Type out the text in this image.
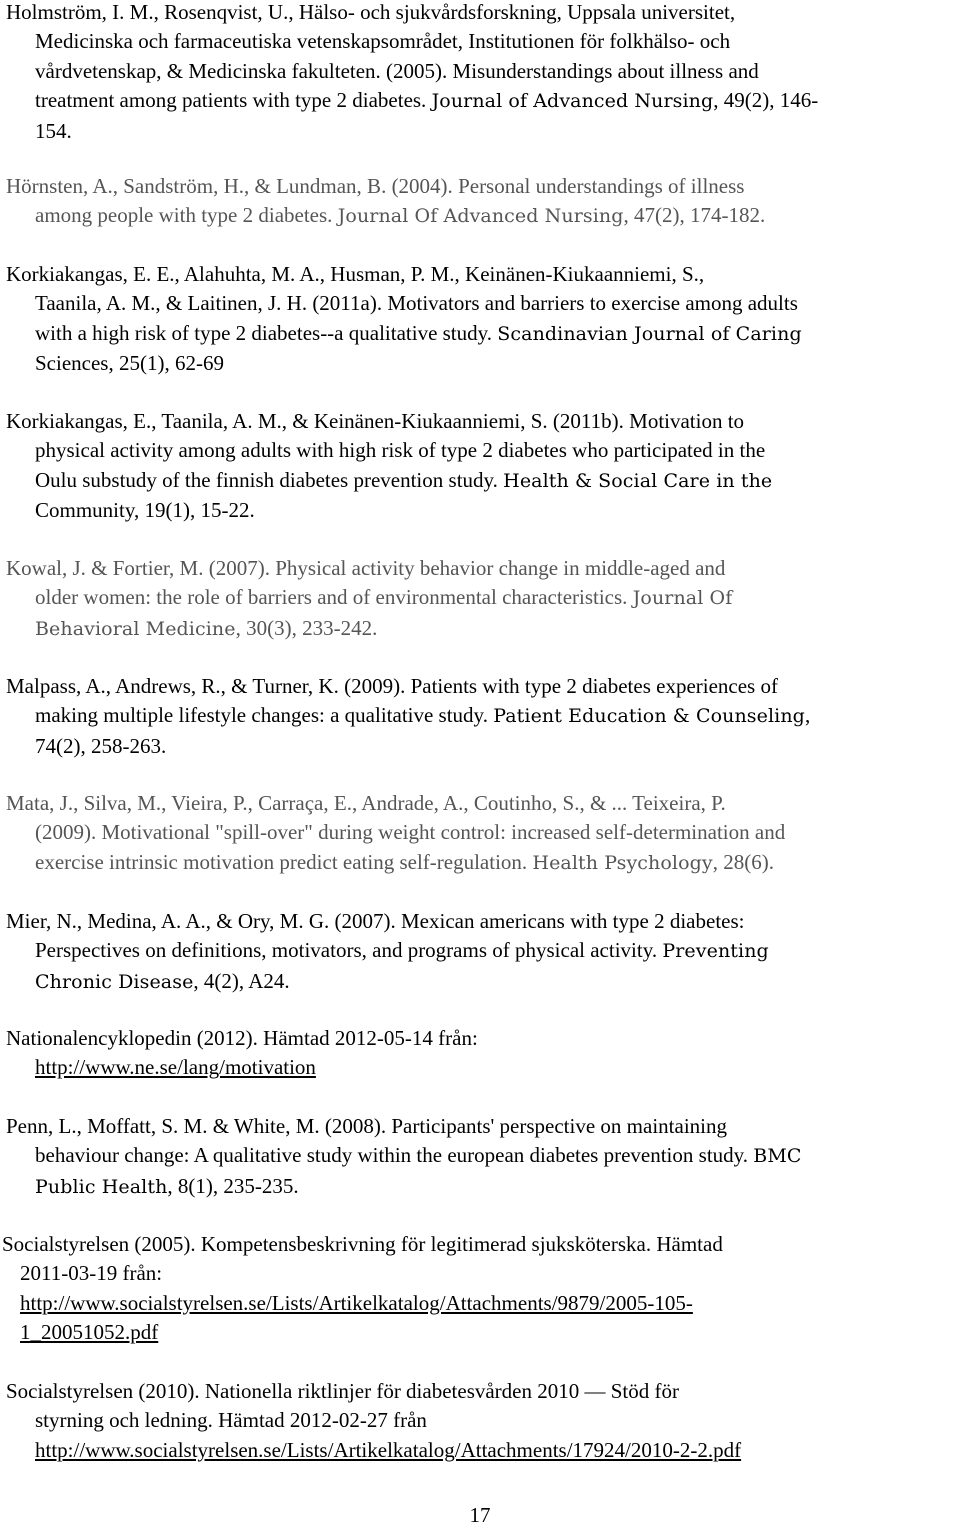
Holmström, I. M., Rosenqvist, U., Hälso- och sjukvårdsforskning, Uppsala universitet,
Medicinska och farmaceutiska vetenskapsområdet, Institutionen för folkhälso- och
vårdvetenskap, & Medicinska fakulteten. (2005). Misunderstandings about illness and
treatment among patients with type 2 diabetes. Journal of Advanced Nursing, 49(2), 146-
154.
Hörnsten, A., Sandström, H., & Lundman, B. (2004). Personal understandings of illness
among people with type 2 diabetes. Journal Of Advanced Nursing, 47(2), 174-182.
Korkiakangas, E. E., Alahuhta, M. A., Husman, P. M., Keinänen-Kiukaanniemi, S.,
Taanila, A. M., & Laitinen, J. H. (2011a). Motivators and barriers to exercise among adults
with a high risk of type 2 diabetes--a qualitative study. Scandinavian Journal of Caring
Sciences, 25(1), 62-69
Korkiakangas, E., Taanila, A. M., & Keinänen-Kiukaanniemi, S. (2011b). Motivation to
physical activity among adults with high risk of type 2 diabetes who participated in the
Oulu substudy of the finnish diabetes prevention study. Health & Social Care in the
Community, 19(1), 15-22.
Kowal, J. & Fortier, M. (2007). Physical activity behavior change in middle-aged and
older women: the role of barriers and of environmental characteristics. Journal Of
Behavioral Medicine, 30(3), 233-242.
Malpass, A., Andrews, R., & Turner, K. (2009). Patients with type 2 diabetes experiences of
making multiple lifestyle changes: a qualitative study. Patient Education & Counseling,
74(2), 258-263.
Mata, J., Silva, M., Vieira, P., Carraça, E., Andrade, A., Coutinho, S., & ... Teixeira, P.
(2009). Motivational "spill-over" during weight control: increased self-determination and
exercise intrinsic motivation predict eating self-regulation. Health Psychology, 28(6).
Mier, N., Medina, A. A., & Ory, M. G. (2007). Mexican americans with type 2 diabetes:
Perspectives on definitions, motivators, and programs of physical activity. Preventing
Chronic Disease, 4(2), A24.
Nationalencyklopedin (2012). Hämtad 2012-05-14 från:
http://www.ne.se/lang/motivation
Penn, L., Moffatt, S. M. & White, M. (2008). Participants' perspective on maintaining
behaviour change: A qualitative study within the european diabetes prevention study. BMC
Public Health, 8(1), 235-235.
Socialstyrelsen (2005). Kompetensbeskrivning för legitimerad sjuksköterska. Hämtad
2011-03-19 från:
http://www.socialstyrelsen.se/Lists/Artikelkatalog/Attachments/9879/2005-105-
1_20051052.pdf
Socialstyrelsen (2010). Nationella riktlinjer för diabetesvården 2010 — Stöd för
styrning och ledning. Hämtad 2012-02-27 från
http://www.socialstyrelsen.se/Lists/Artikelkatalog/Attachments/17924/2010-2-2.pdf
17
